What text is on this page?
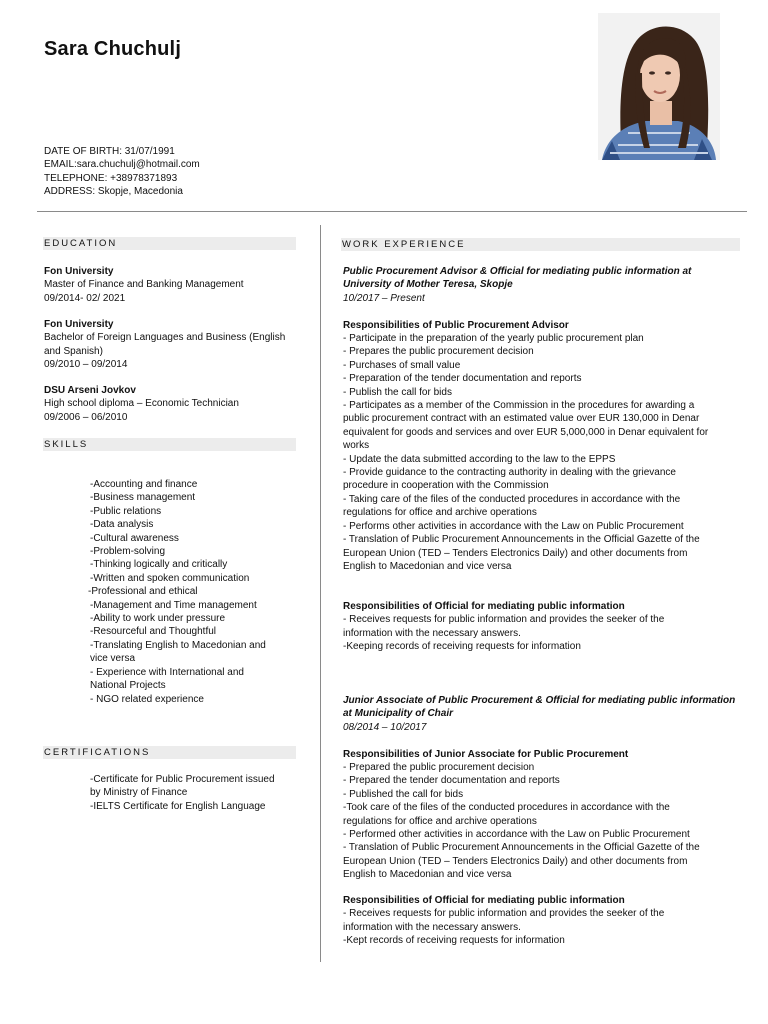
Sara Chuchulj
DATE OF BIRTH: 31/07/1991
EMAIL:sara.chuchulj@hotmail.com
TELEPHONE: +38978371893
ADDRESS: Skopje, Macedonia
EDUCATION
Fon University
Master of Finance and Banking Management
09/2014- 02/ 2021
Fon University
Bachelor of Foreign Languages and Business (English
and Spanish)
09/2010 – 09/2014
DSU Arseni Jovkov
High school diploma – Economic Technician
09/2006 – 06/2010
SKILLS
-Accounting and finance
-Business management
-Public relations
-Data analysis
-Cultural awareness
-Problem-solving
-Thinking logically and critically
-Written and spoken communication
-Professional and ethical
-Management and Time management
-Ability to work under pressure
-Resourceful and Thoughtful
-Translating English to Macedonian and
vice versa
- Experience with International and
National Projects
- NGO related experience
CERTIFICATIONS
-Certificate for Public Procurement issued
by Ministry of Finance
-IELTS Certificate for English Language
WORK EXPERIENCE
Public Procurement Advisor & Official for mediating public information at
University of Mother Teresa, Skopje
10/2017 – Present
Responsibilities of Public Procurement Advisor
- Participate in the preparation of the yearly public procurement plan
- Prepares the public procurement decision
- Purchases of small value
- Preparation of the tender documentation and reports
- Publish the call for bids
- Participates as a member of the Commission in the procedures for awarding a
public procurement contract with an estimated value over EUR 130,000 in Denar
equivalent for goods and services and over EUR 5,000,000 in Denar equivalent for
works
- Update the data submitted according to the law to the EPPS
- Provide guidance to the contracting authority in dealing with the grievance
procedure in cooperation with the Commission
- Taking care of the files of the conducted procedures in accordance with the
regulations for office and archive operations
- Performs other activities in accordance with the Law on Public Procurement
- Translation of Public Procurement Announcements in the Official Gazette of the
European Union (TED – Tenders Electronics Daily) and other documents from
English to Macedonian and vice versa
Responsibilities of Official for mediating public information
- Receives requests for public information and provides the seeker of the
information with the necessary answers.
-Keeping records of receiving requests for information
Junior Associate of Public Procurement & Official for mediating public information
at Municipality of Chair
08/2014 – 10/2017
Responsibilities of Junior Associate for Public Procurement
- Prepared the public procurement decision
- Prepared the tender documentation and reports
- Published the call for bids
-Took care of the files of the conducted procedures in accordance with the
regulations for office and archive operations
- Performed other activities in accordance with the Law on Public Procurement
- Translation of Public Procurement Announcements in the Official Gazette of the
European Union (TED – Tenders Electronics Daily) and other documents from
English to Macedonian and vice versa
Responsibilities of Official for mediating public information
- Receives requests for public information and provides the seeker of the
information with the necessary answers.
-Kept records of receiving requests for information
